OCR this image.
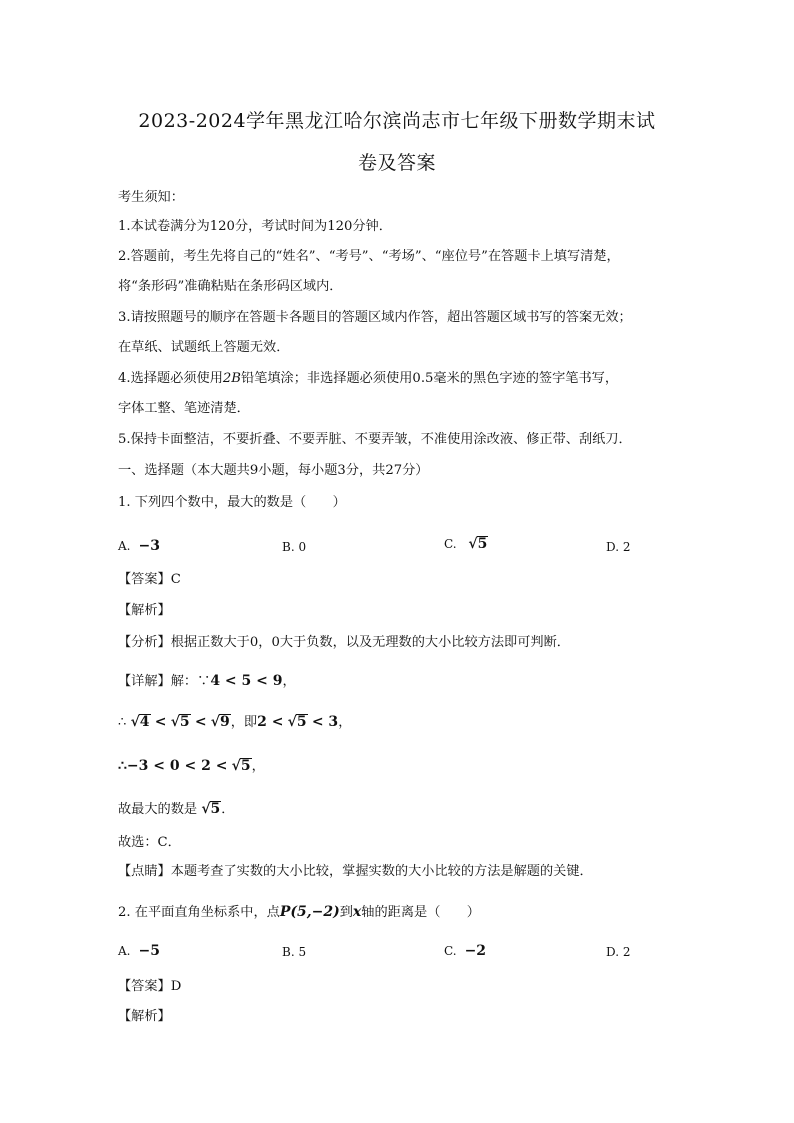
2023-2024学年黑龙江哈尔滨尚志市七年级下册数学期末试
卷及答案
考生须知：
1.本试卷满分为120分，考试时间为120分钟．
2.答题前，考生先将自己的“姓名”、“考号”、“考场”、“座位号”在答题卡上填写清楚，
将“条形码”准确粘贴在条形码区域内．
3.请按照题号的顺序在答题卡各题目的答题区域内作答，超出答题区域书写的答案无效；
在草纸、试题纸上答题无效．
4.选择题必须使用2B铅笔填涂；非选择题必须使用0.5毫米的黑色字迹的签字笔书写，
字体工整、笔迹清楚．
5.保持卡面整洁，不要折叠、不要弄脏、不要弄皱，不准使用涂改液、修正带、刮纸刀．
一、选择题（本大题共9小题，每小题3分，共27分）
1. 下列四个数中，最大的数是（　　）
A. −3	B. 0	C. √5	D. 2
【答案】C
【解析】
【分析】根据正数大于0，0大于负数，以及无理数的大小比较方法即可判断．
【详解】解：∵4 < 5 < 9，
∴ √4 < √5 < √9，即2 < √5 < 3，
∴−3 < 0 < 2 < √5，
故最大的数是 √5．
故选：C．
【点睛】本题考查了实数的大小比较，掌握实数的大小比较的方法是解题的关键．
2. 在平面直角坐标系中，点P(5,−2)到x轴的距离是（　　）
A. −5	B. 5	C. −2	D. 2
【答案】D
【解析】
